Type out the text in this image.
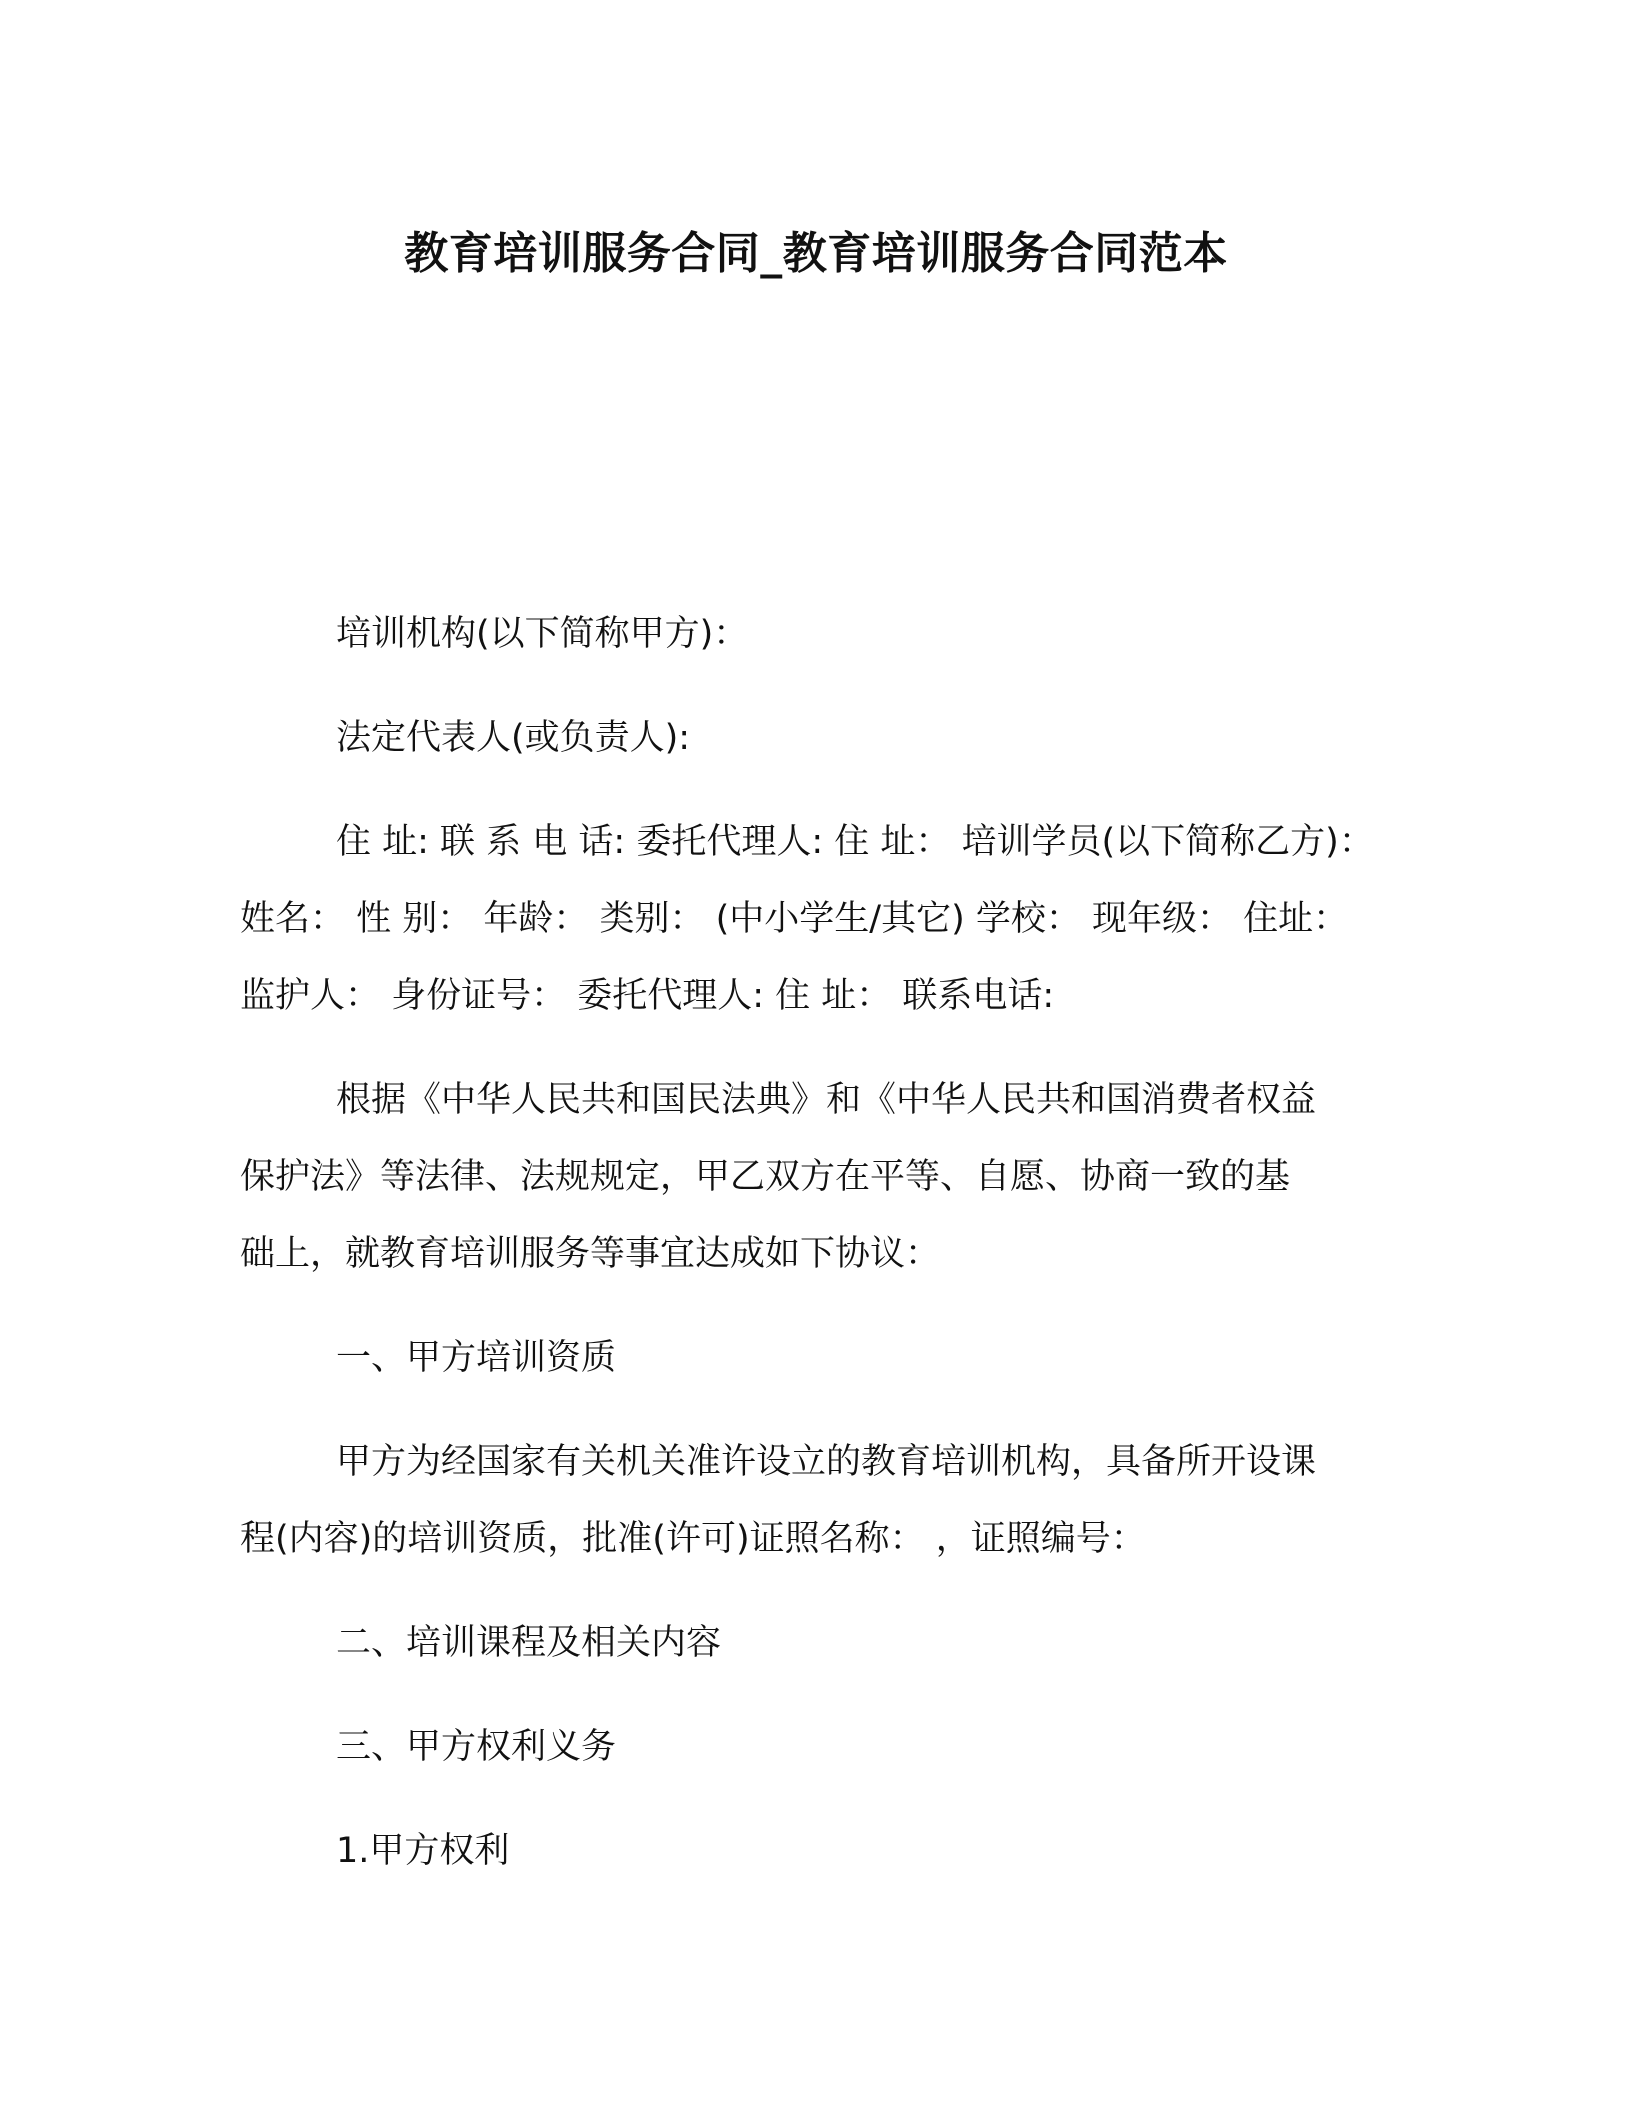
教育培训服务合同_教育培训服务合同范本
培训机构(以下简称甲方)：
法定代表人(或负责人):
住 址: 联 系 电 话: 委托代理人: 住 址： 培训学员(以下简称乙方)：
姓名： 性 别： 年龄： 类别： (中小学生/其它) 学校： 现年级： 住址：
监护人： 身份证号： 委托代理人: 住 址： 联系电话:
根据《中华人民共和国民法典》和《中华人民共和国消费者权益
保护法》等法律、法规规定，甲乙双方在平等、自愿、协商一致的基
础上，就教育培训服务等事宜达成如下协议：
一、甲方培训资质
甲方为经国家有关机关准许设立的教育培训机构，具备所开设课
程(内容)的培训资质，批准(许可)证照名称： ，证照编号：
二、培训课程及相关内容
三、甲方权利义务
1.甲方权利
